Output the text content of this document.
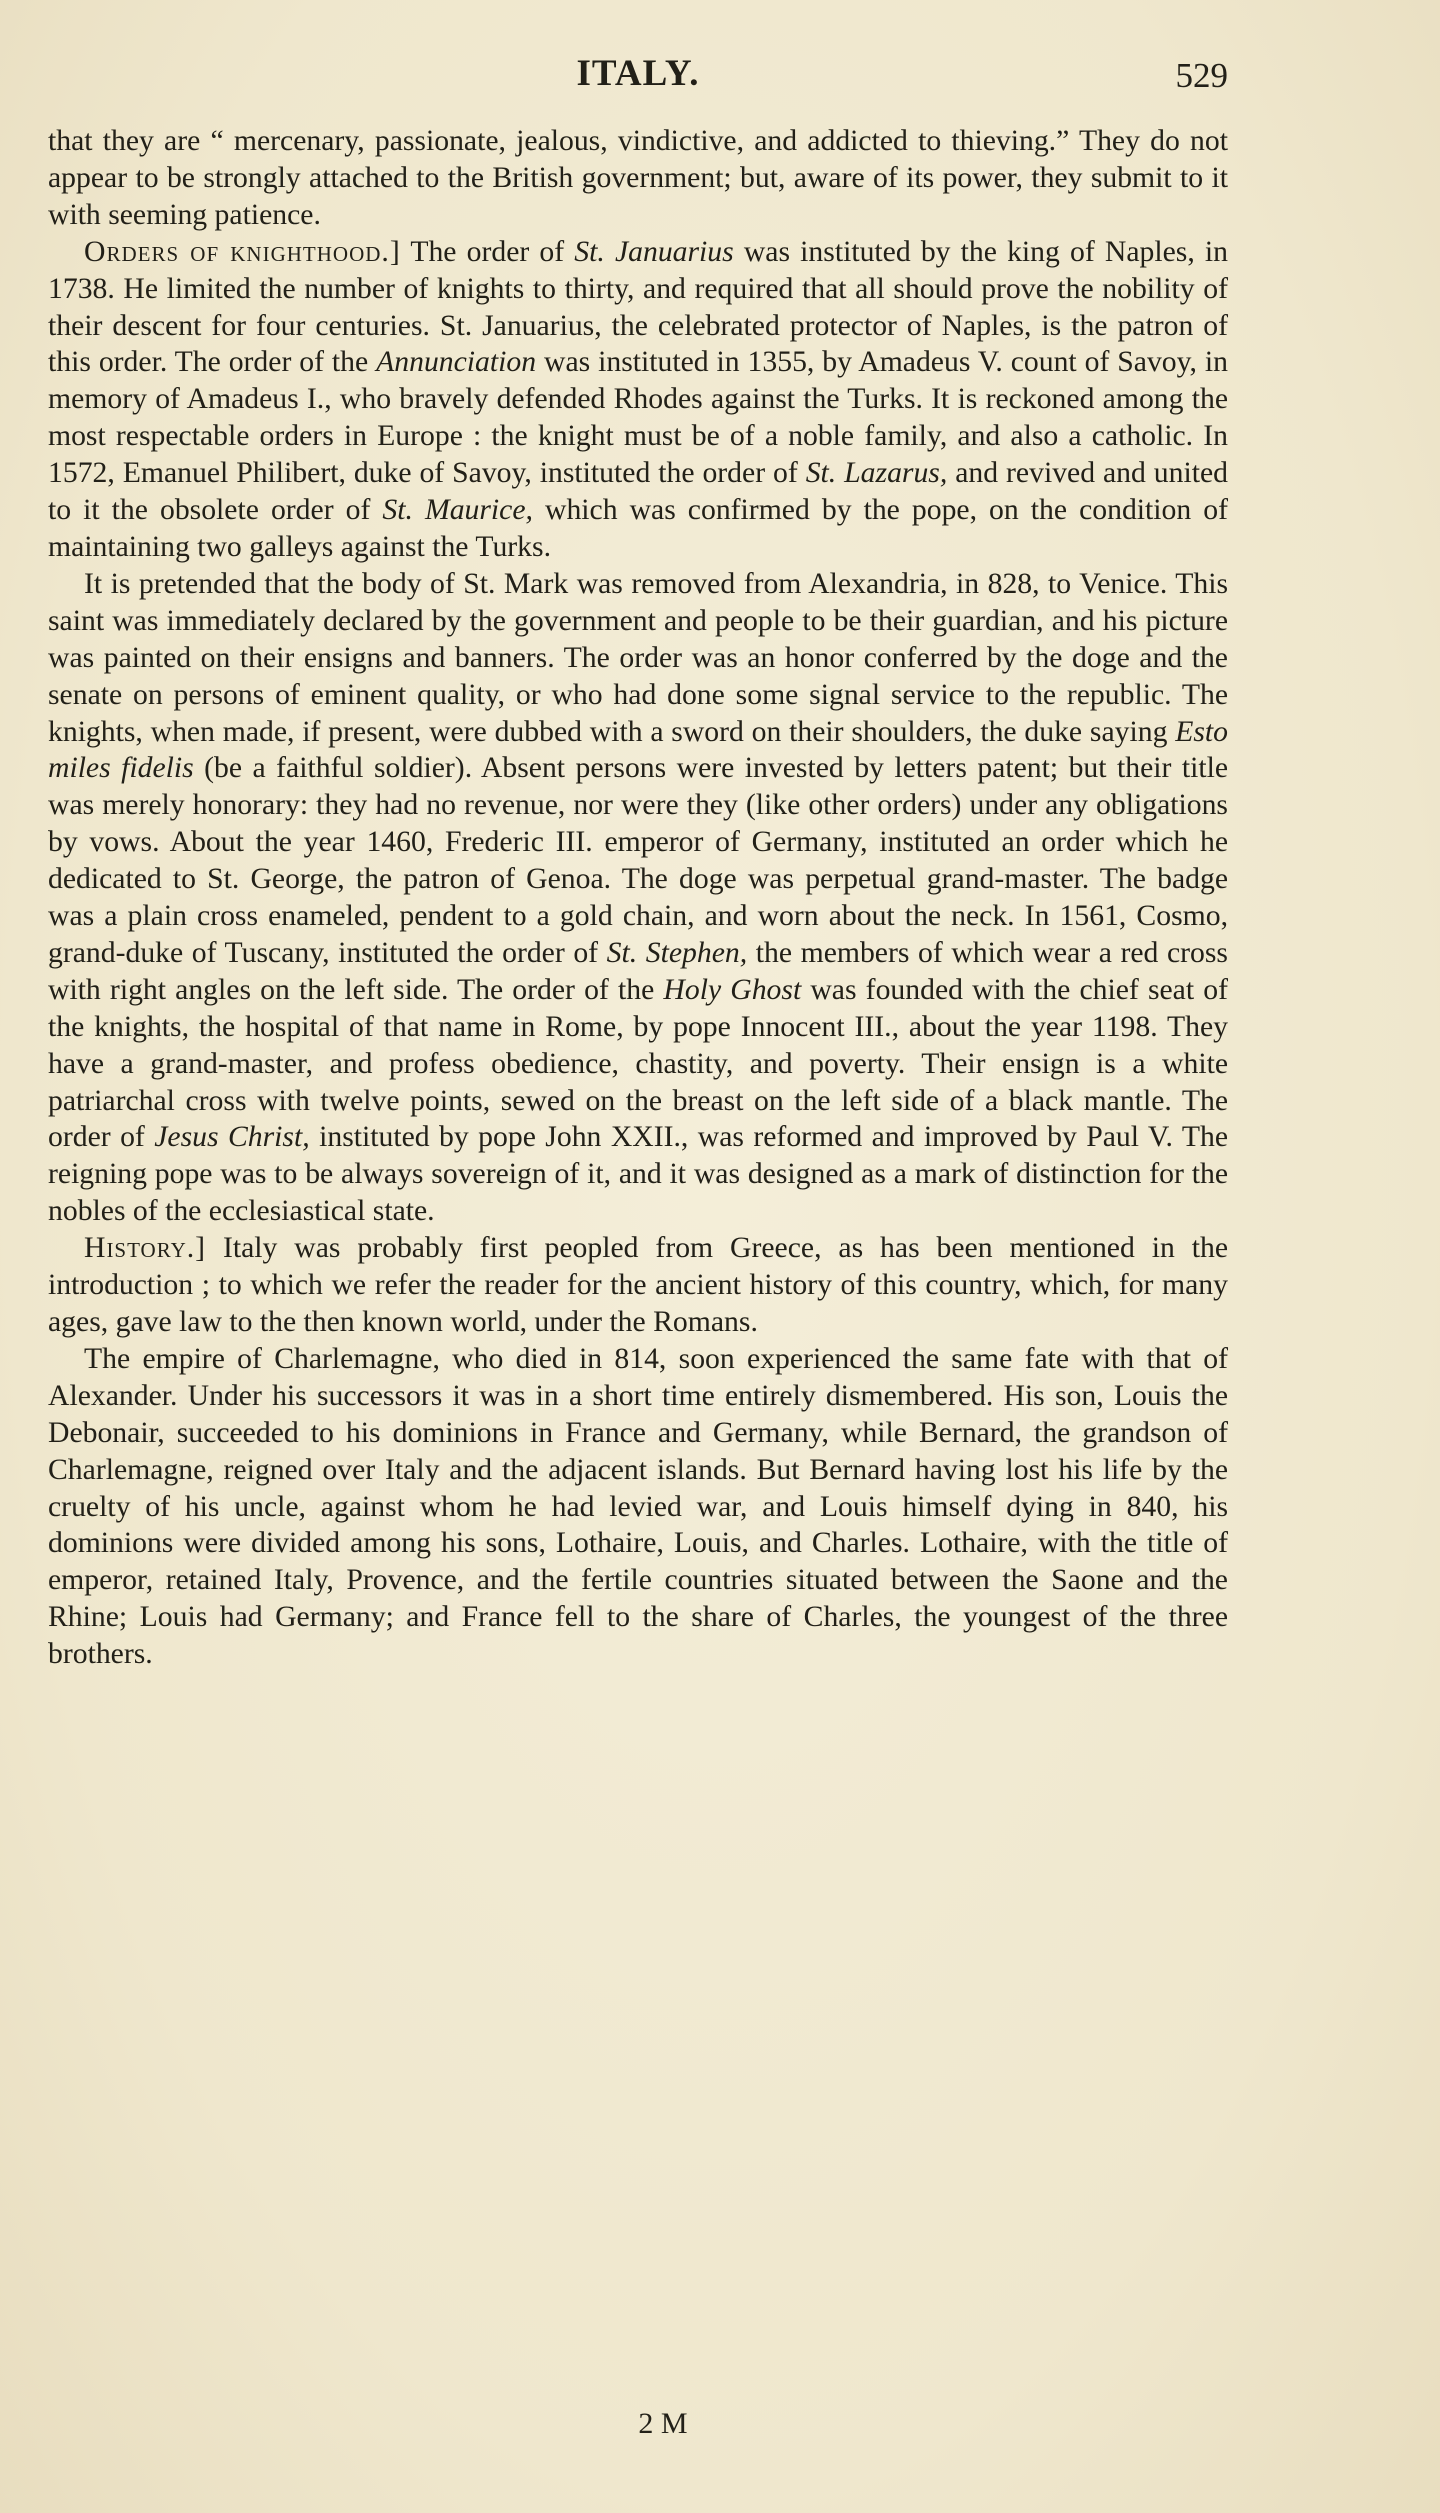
ITALY.	529

that they are “ mercenary, passionate, jealous, vindictive, and addicted to thieving.” They do not appear to be strongly attached to the British government; but, aware of its power, they submit to it with seeming patience.

Orders of knighthood.] The order of St. Januarius was instituted by the king of Naples, in 1738. He limited the number of knights to thirty, and required that all should prove the nobility of their descent for four centuries. St. Januarius, the celebrated protector of Naples, is the patron of this order. The order of the Annunciation was instituted in 1355, by Amadeus V. count of Savoy, in memory of Amadeus I., who bravely defended Rhodes against the Turks. It is reckoned among the most respectable orders in Europe : the knight must be of a noble family, and also a catholic. In 1572, Emanuel Philibert, duke of Savoy, instituted the order of St. Lazarus, and revived and united to it the obsolete order of St. Maurice, which was confirmed by the pope, on the condition of maintaining two galleys against the Turks.

It is pretended that the body of St. Mark was removed from Alexandria, in 828, to Venice. This saint was immediately declared by the government and people to be their guardian, and his picture was painted on their ensigns and banners. The order was an honor conferred by the doge and the senate on persons of eminent quality, or who had done some signal service to the republic. The knights, when made, if present, were dubbed with a sword on their shoulders, the duke saying Esto miles fidelis (be a faithful soldier). Absent persons were invested by letters patent; but their title was merely honorary: they had no revenue, nor were they (like other orders) under any obligations by vows. About the year 1460, Frederic III. emperor of Germany, instituted an order which he dedicated to St. George, the patron of Genoa. The doge was perpetual grand-master. The badge was a plain cross enameled, pendent to a gold chain, and worn about the neck. In 1561, Cosmo, grand-duke of Tuscany, instituted the order of St. Stephen, the members of which wear a red cross with right angles on the left side. The order of the Holy Ghost was founded with the chief seat of the knights, the hospital of that name in Rome, by pope Innocent III., about the year 1198. They have a grand-master, and profess obedience, chastity, and poverty. Their ensign is a white patriarchal cross with twelve points, sewed on the breast on the left side of a black mantle. The order of Jesus Christ, instituted by pope John XXII., was reformed and improved by Paul V. The reigning pope was to be always sovereign of it, and it was designed as a mark of distinction for the nobles of the ecclesiastical state.

History.] Italy was probably first peopled from Greece, as has been mentioned in the introduction ; to which we refer the reader for the ancient history of this country, which, for many ages, gave law to the then known world, under the Romans.

The empire of Charlemagne, who died in 814, soon experienced the same fate with that of Alexander. Under his successors it was in a short time entirely dismembered. His son, Louis the Debonair, succeeded to his dominions in France and Germany, while Bernard, the grandson of Charlemagne, reigned over Italy and the adjacent islands. But Bernard having lost his life by the cruelty of his uncle, against whom he had levied war, and Louis himself dying in 840, his dominions were divided among his sons, Lothaire, Louis, and Charles. Lothaire, with the title of emperor, retained Italy, Provence, and the fertile countries situated between the Saone and the Rhine; Louis had Germany; and France fell to the share of Charles, the youngest of the three brothers.

2 M
